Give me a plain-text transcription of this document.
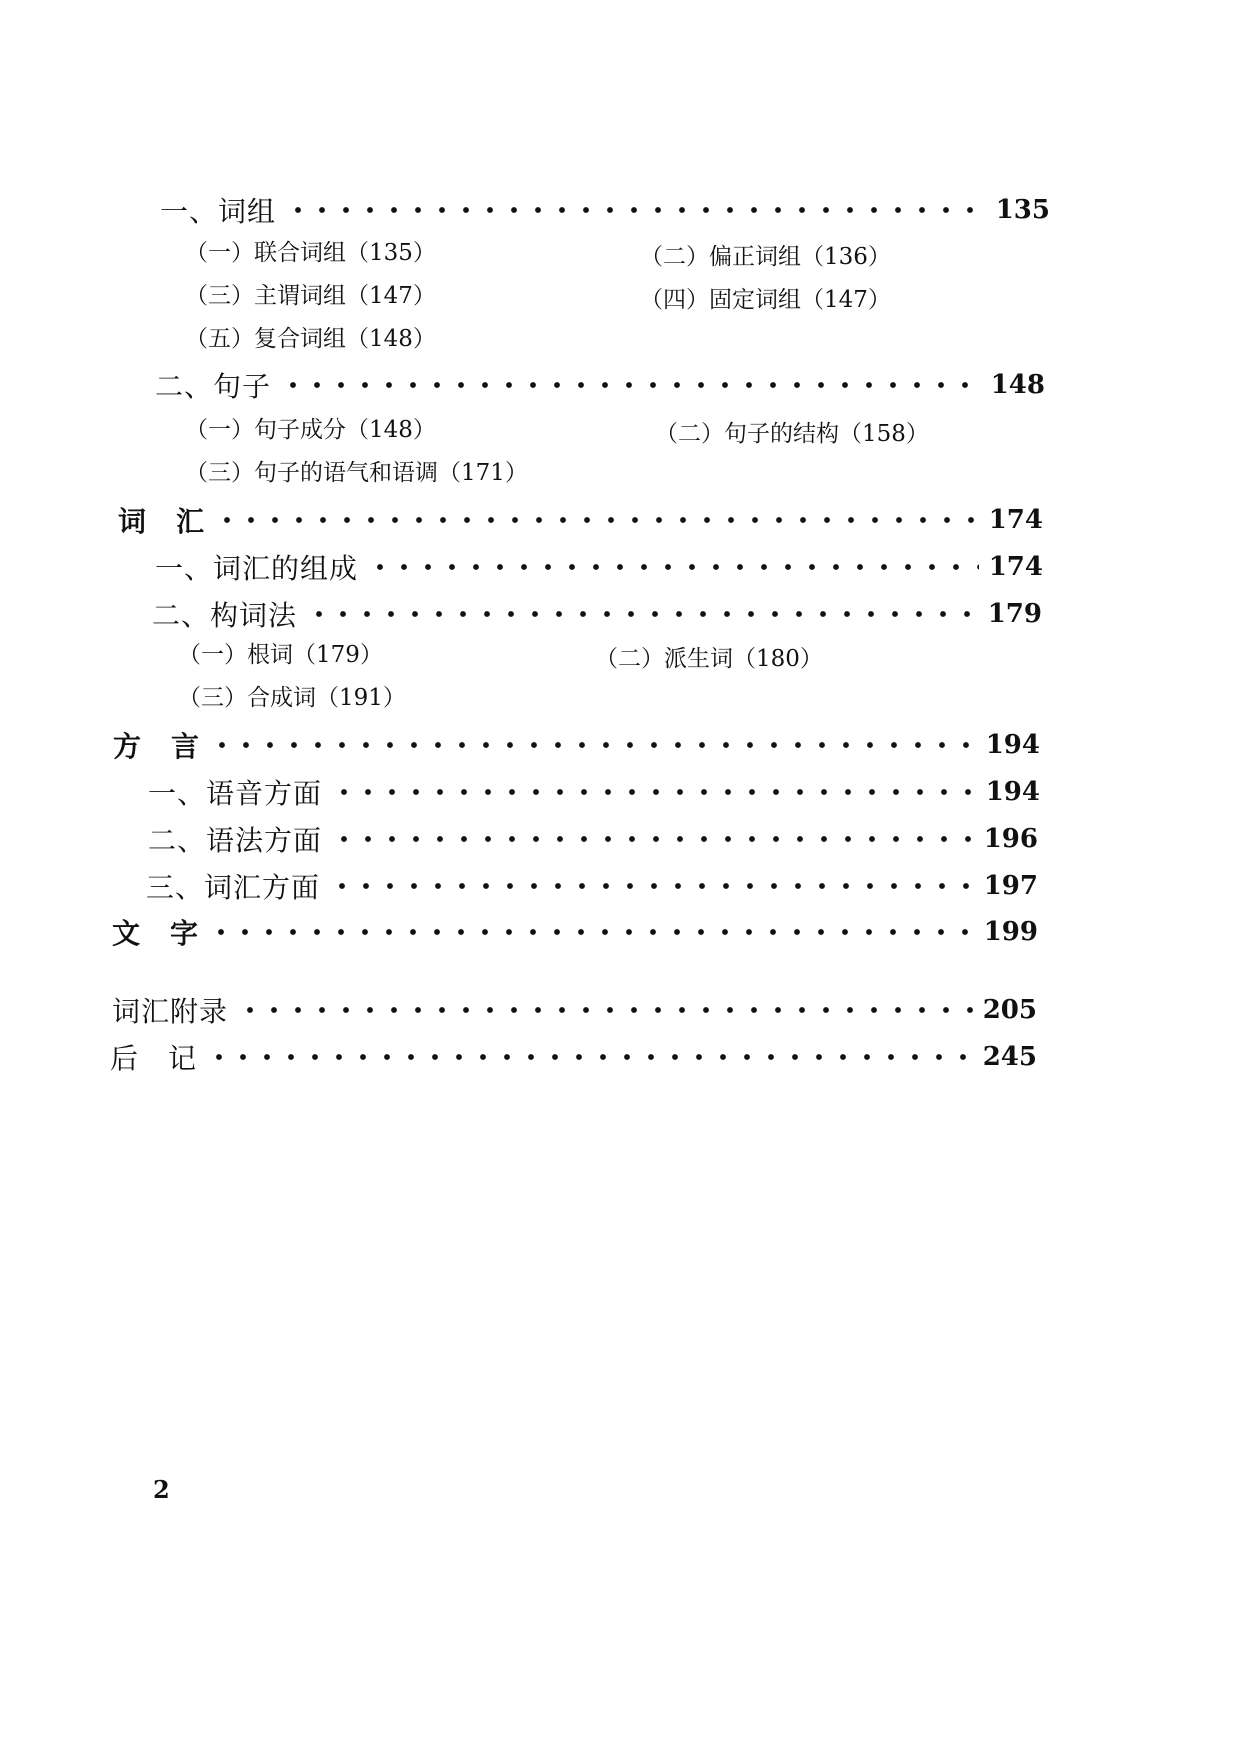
一、词组	135
（一）联合词组（135）	（二）偏正词组（136）
（三）主谓词组（147）	（四）固定词组（147）
（五）复合词组（148）
二、句子	148
（一）句子成分（148）	（二）句子的结构（158）
（三）句子的语气和语调（171）
词　汇	174
一、词汇的组成	174
二、构词法	179
（一）根词（179）	（二）派生词（180）
（三）合成词（191）
方　言	194
一、语音方面	194
二、语法方面	196
三、词汇方面	197
文　字	199
词汇附录	205
后　记	245
2
